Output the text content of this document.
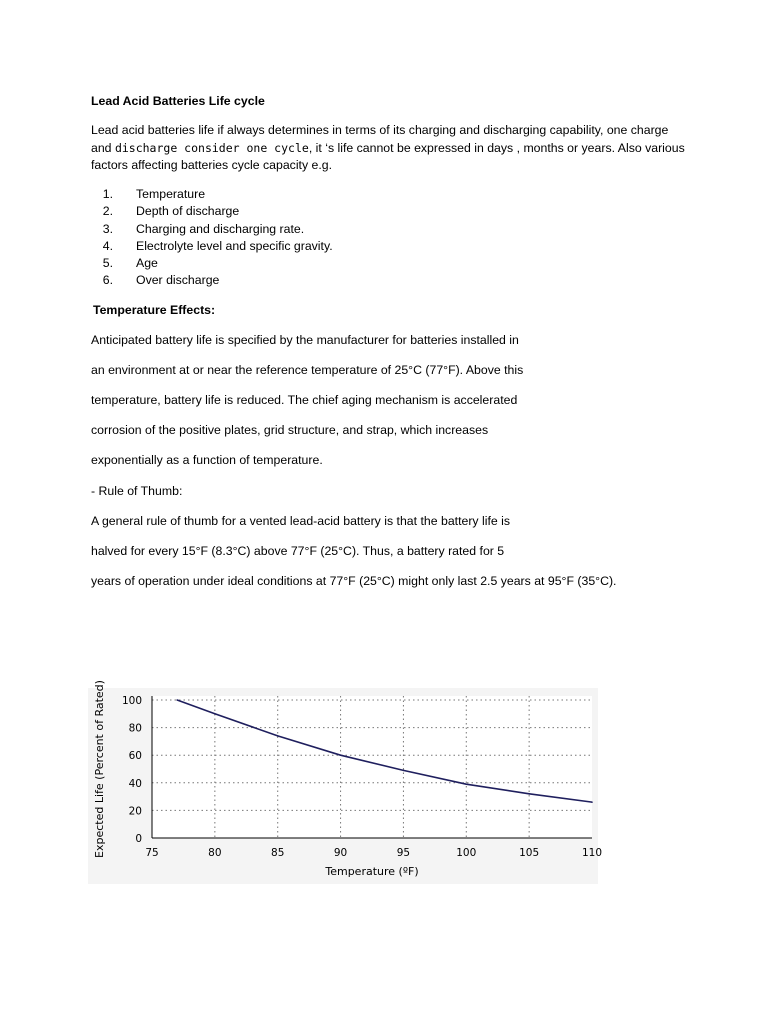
Lead Acid Batteries Life cycle
Lead acid batteries life if always determines in terms of its charging and discharging capability, one charge and discharge consider one cycle, it ‘s life cannot be expressed in days , months or years. Also various factors affecting batteries cycle capacity e.g.
1. Temperature
2. Depth of discharge
3. Charging and discharging rate.
4. Electrolyte level and specific gravity.
5. Age
6. Over discharge
Temperature Effects:
Anticipated battery life is specified by the manufacturer for batteries installed in
an environment at or near the reference temperature of 25°C (77°F). Above this
temperature, battery life is reduced. The chief aging mechanism is accelerated
corrosion of the positive plates, grid structure, and strap, which increases
exponentially as a function of temperature.
- Rule of Thumb:
A general rule of thumb for a vented lead-acid battery is that the battery life is
halved for every 15°F (8.3°C) above 77°F (25°C). Thus, a battery rated for 5
years of operation under ideal conditions at 77°F (25°C) might only last 2.5 years at 95°F (35°C).
0
20
40
60
80
100
75	80	85	90	95	100	105	110
Temperature (ºF)
Expected Life (Percent of Rated)
